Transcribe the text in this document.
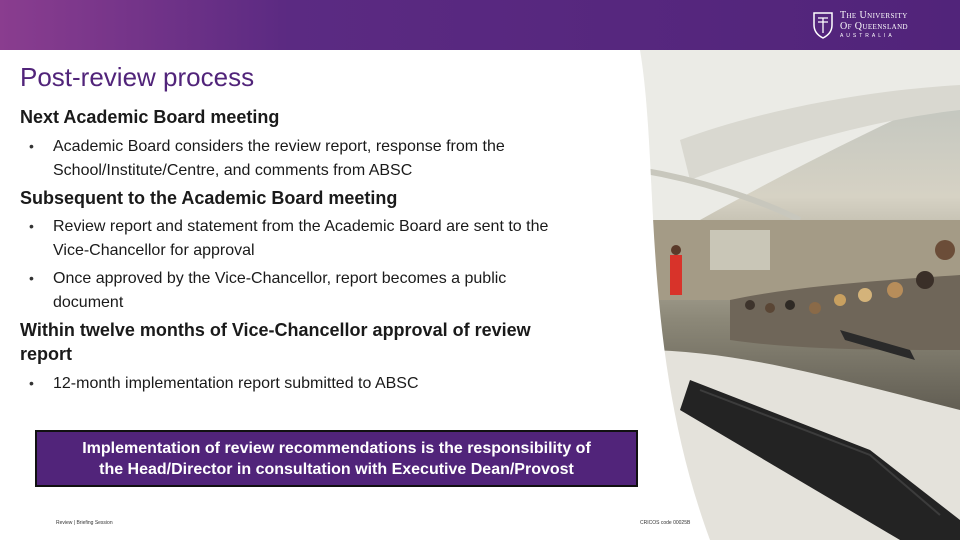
The University
Of Queensland
AUSTRALIA
Post-review process
Next Academic Board meeting
• Academic Board considers the review report, response from the
School/Institute/Centre, and comments from ABSC
Subsequent to the Academic Board meeting
• Review report and statement from the Academic Board are sent to the
Vice-Chancellor for approval
• Once approved by the Vice-Chancellor, report becomes a public
document
Within twelve months of Vice-Chancellor approval of review
report
• 12-month implementation report submitted to ABSC
Implementation of review recommendations is the responsibility of
the Head/Director in consultation with Executive Dean/Provost
Review | Briefing Session	CRICOS code 00025B
